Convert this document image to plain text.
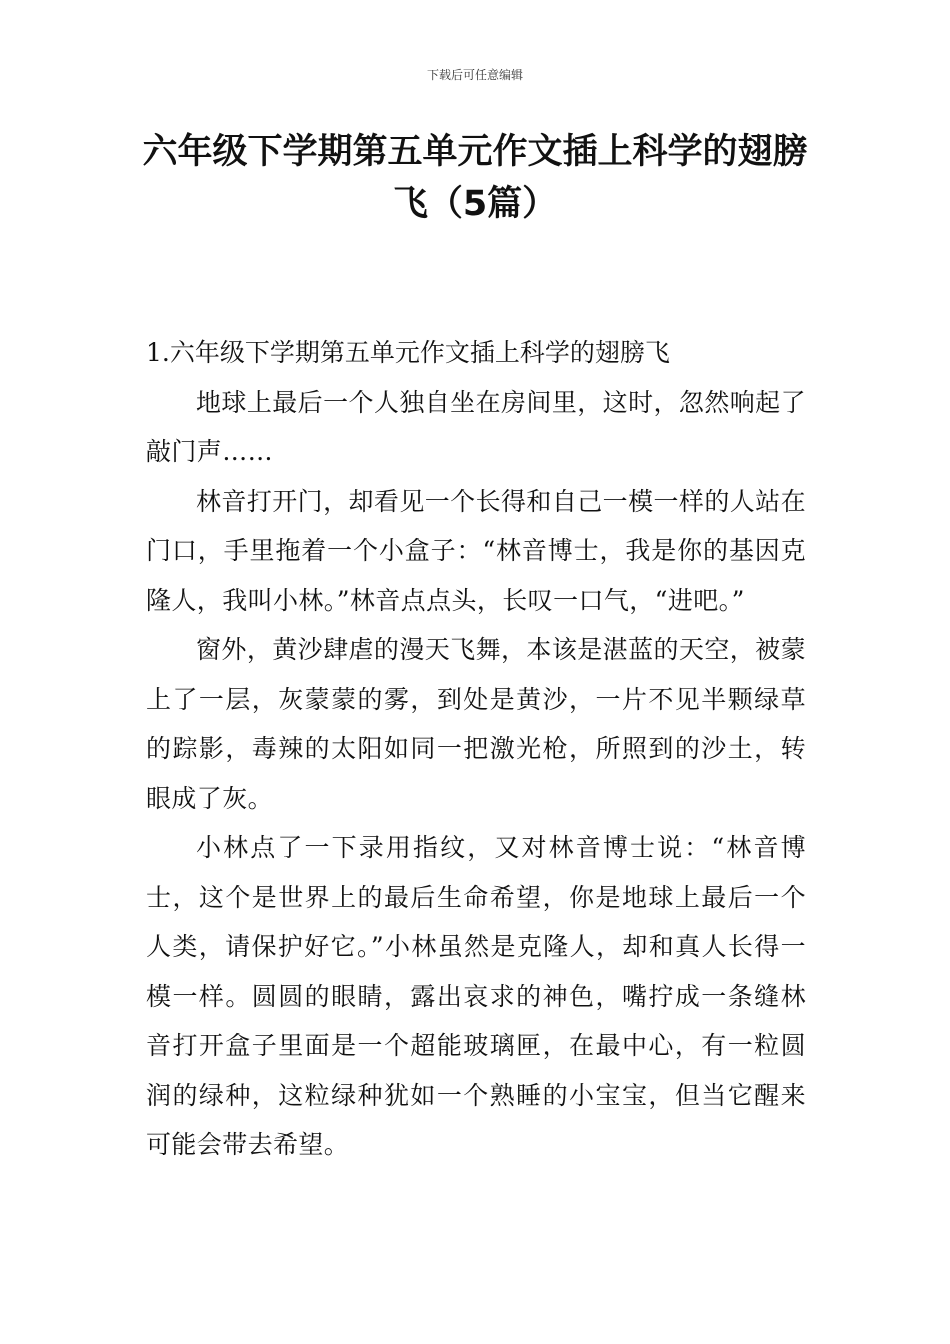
下载后可任意编辑
六年级下学期第五单元作文插上科学的翅膀飞（5篇）
1.六年级下学期第五单元作文插上科学的翅膀飞

地球上最后一个人独自坐在房间里，这时，忽然响起了敲门声……

林音打开门，却看见一个长得和自己一模一样的人站在门口，手里拖着一个小盒子：“林音博士，我是你的基因克隆人，我叫小林。”林音点点头，长叹一口气，“进吧。”

窗外，黄沙肆虐的漫天飞舞，本该是湛蓝的天空，被蒙上了一层，灰蒙蒙的雾，到处是黄沙，一片不见半颗绿草的踪影，毒辣的太阳如同一把激光枪，所照到的沙土，转眼成了灰。

小林点了一下录用指纹，又对林音博士说：“林音博士，这个是世界上的最后生命希望，你是地球上最后一个人类，请保护好它。”小林虽然是克隆人，却和真人长得一模一样。圆圆的眼睛，露出哀求的神色，嘴拧成一条缝林音打开盒子里面是一个超能玻璃匣，在最中心，有一粒圆润的绿种，这粒绿种犹如一个熟睡的小宝宝，但当它醒来可能会带去希望。
